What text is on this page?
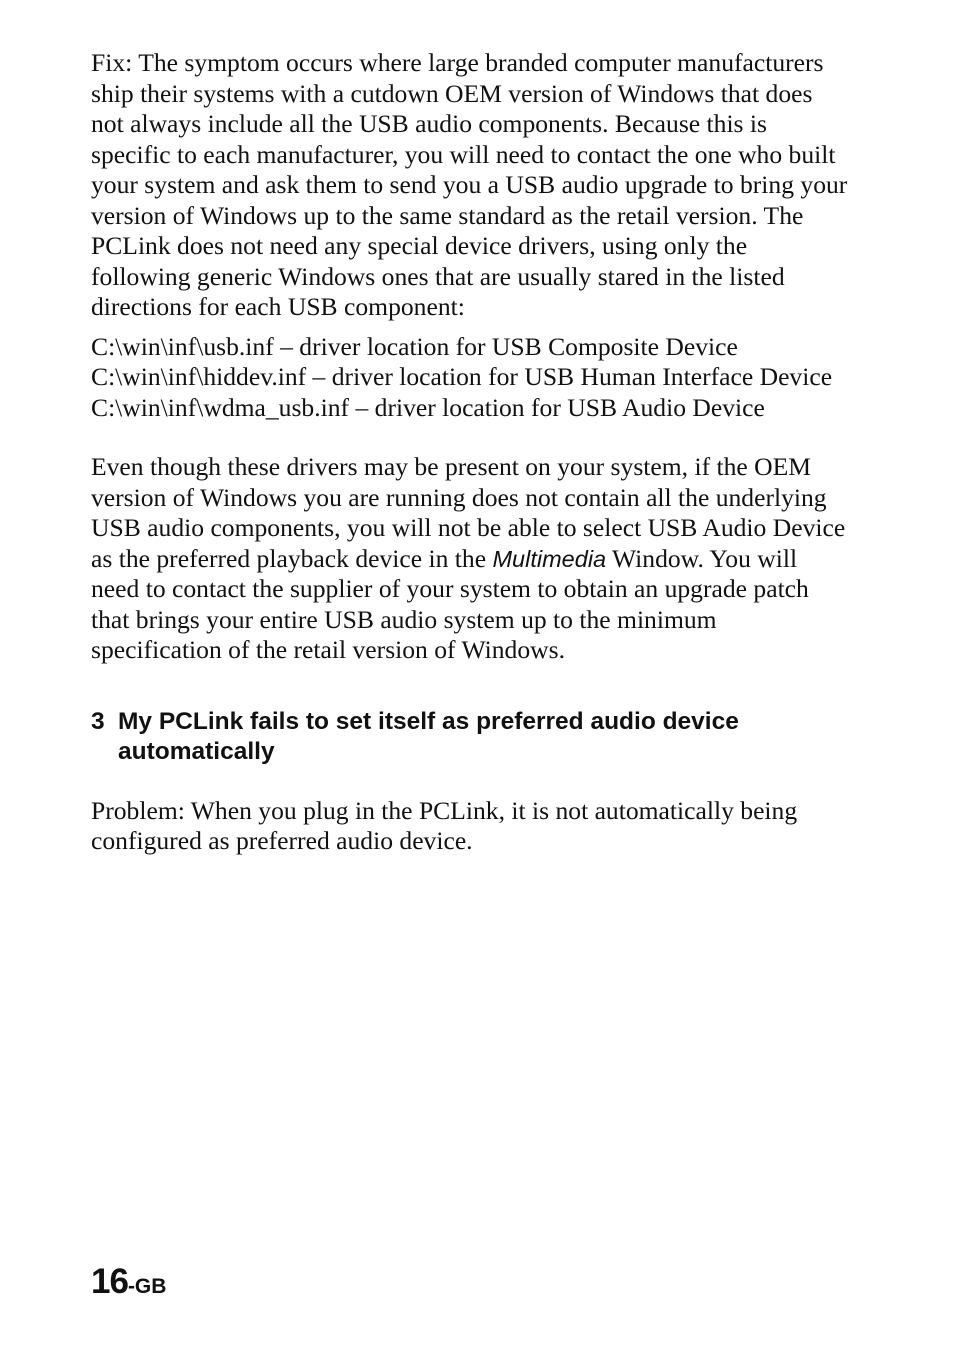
Fix: The symptom occurs where large branded computer manufacturers ship their systems with a cutdown OEM version of Windows that does not always include all the USB audio components. Because this is specific to each manufacturer, you will need to contact the one who built your system and ask them to send you a USB audio upgrade to bring your version of Windows up to the same standard as the retail version. The PCLink does not need any special device drivers, using only the following generic Windows ones that are usually stared in the listed directions for each USB component:

C:\win\inf\usb.inf – driver location for USB Composite Device
C:\win\inf\hiddev.inf – driver location for USB Human Interface Device
C:\win\inf\wdma_usb.inf – driver location for USB Audio Device

Even though these drivers may be present on your system, if the OEM version of Windows you are running does not contain all the underlying USB audio components, you will not be able to select USB Audio Device as the preferred playback device in the Multimedia Window. You will need to contact the supplier of your system to obtain an upgrade patch that brings your entire USB audio system up to the minimum specification of the retail version of Windows.

3 My PCLink fails to set itself as preferred audio device automatically

Problem: When you plug in the PCLink, it is not automatically being configured as preferred audio device.

16-GB
